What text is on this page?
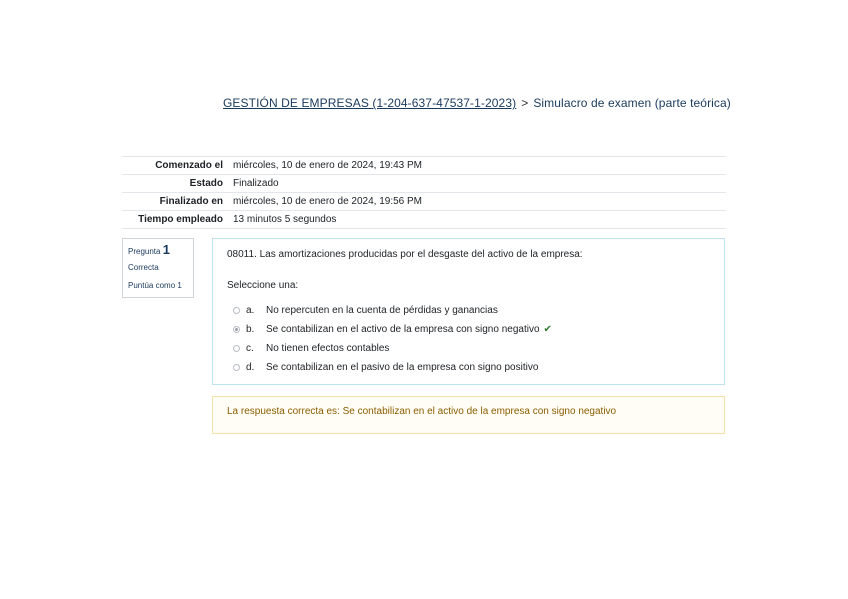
GESTIÓN DE EMPRESAS (1-204-637-47537-1-2023) > Simulacro de examen (parte teórica)
Comenzado el	miércoles, 10 de enero de 2024, 19:43 PM
Estado	Finalizado
Finalizado en	miércoles, 10 de enero de 2024, 19:56 PM
Tiempo empleado	13 minutos 5 segundos
Pregunta 1
Correcta
Puntúa como 1
08011. Las amortizaciones producidas por el desgaste del activo de la empresa:
Seleccione una:
a.	No repercuten en la cuenta de pérdidas y ganancias
b.	Se contabilizan en el activo de la empresa con signo negativo ✔
c.	No tienen efectos contables
d.	Se contabilizan en el pasivo de la empresa con signo positivo
La respuesta correcta es: Se contabilizan en el activo de la empresa con signo negativo
